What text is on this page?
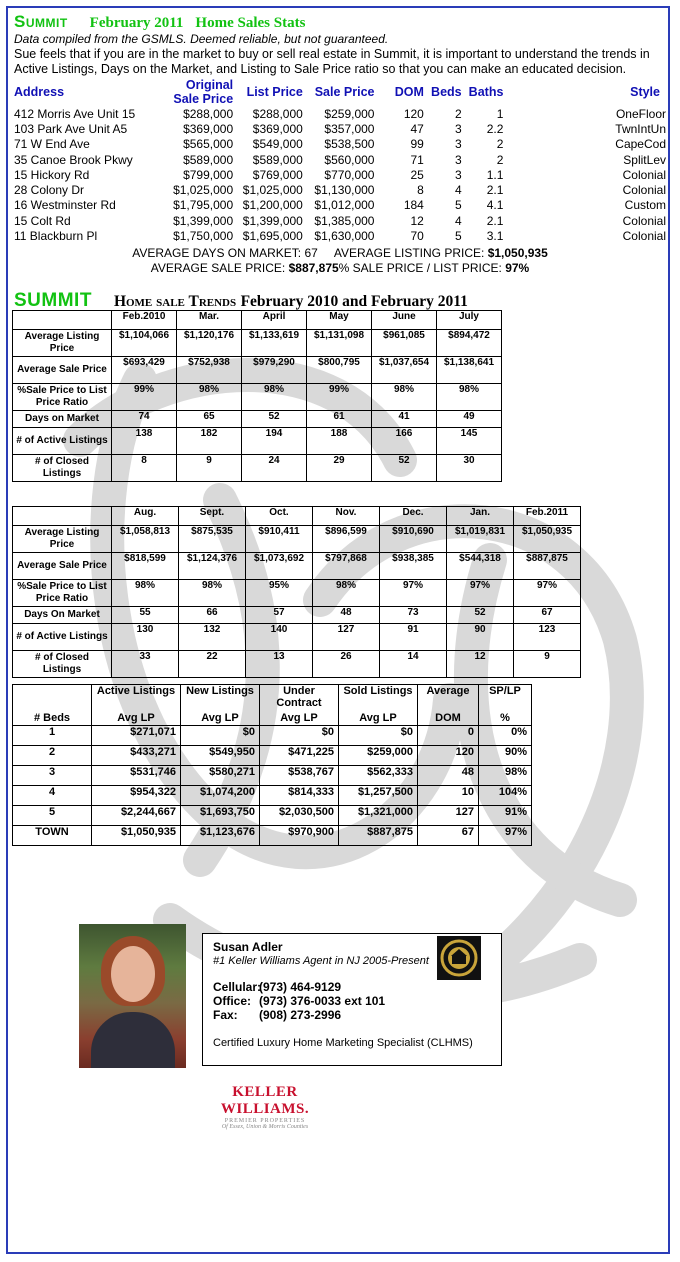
Summit February 2011 Home Sales Stats
Data compiled from the GSMLS. Deemed reliable, but not guaranteed.
Sue feels that if you are in the market to buy or sell real estate in Summit, it is important to understand the trends in Active Listings, Days on the Market, and Listing to Sale Price ratio so that you can make an educated decision.
Address	Original Sale Price	List Price	Sale Price	DOM	Beds	Baths	Style
412 Morris Ave Unit 15	$288,000	$288,000	$259,000	120	2	1	OneFloor
103 Park Ave Unit A5	$369,000	$369,000	$357,000	47	3	2.2	TwnIntUn
71 W End Ave	$565,000	$549,000	$538,500	99	3	2	CapeCod
35 Canoe Brook Pkwy	$589,000	$589,000	$560,000	71	3	2	SplitLev
15 Hickory Rd	$799,000	$769,000	$770,000	25	3	1.1	Colonial
28 Colony Dr	$1,025,000	$1,025,000	$1,130,000	8	4	2.1	Colonial
16 Westminster Rd	$1,795,000	$1,200,000	$1,012,000	184	5	4.1	Custom
15 Colt Rd	$1,399,000	$1,399,000	$1,385,000	12	4	2.1	Colonial
11 Blackburn Pl	$1,750,000	$1,695,000	$1,630,000	70	5	3.1	Colonial
AVERAGE DAYS ON MARKET: 67 AVERAGE LISTING PRICE: $1,050,935
AVERAGE SALE PRICE: $887,875% SALE PRICE / LIST PRICE: 97%
SUMMIT Home sale Trends February 2010 and February 2011
	Feb.2010	Mar.	April	May	June	July
Average Listing Price	$1,104,066	$1,120,176	$1,133,619	$1,131,098	$961,085	$894,472
Average Sale Price	$693,429	$752,938	$979,290	$800,795	$1,037,654	$1,138,641
%Sale Price to List Price Ratio	99%	98%	98%	99%	98%	98%
Days on Market	74	65	52	61	41	49
# of Active Listings	138	182	194	188	166	145
# of Closed Listings	8	9	24	29	52	30
	Aug.	Sept.	Oct.	Nov.	Dec.	Jan.	Feb.2011
Average Listing Price	$1,058,813	$875,535	$910,411	$896,599	$910,690	$1,019,831	$1,050,935
Average Sale Price	$818,599	$1,124,376	$1,073,692	$797,868	$938,385	$544,318	$887,875
%Sale Price to List Price Ratio	98%	98%	95%	98%	97%	97%	97%
Days On Market	55	66	57	48	73	52	67
# of Active Listings	130	132	140	127	91	90	123
# of Closed Listings	33	22	13	26	14	12	9
	Active Listings	New Listings	Under Contract	Sold Listings	Average	SP/LP
# Beds	Avg LP	Avg LP	Avg LP	Avg LP	DOM	%
1	$271,071	$0	$0	$0	0	0%
2	$433,271	$549,950	$471,225	$259,000	120	90%
3	$531,746	$580,271	$538,767	$562,333	48	98%
4	$954,322	$1,074,200	$814,333	$1,257,500	10	104%
5	$2,244,667	$1,693,750	$2,030,500	$1,321,000	127	91%
TOWN	$1,050,935	$1,123,676	$970,900	$887,875	67	97%
Susan Adler
#1 Keller Williams Agent in NJ 2005-Present
Cellular:(973) 464-9129
Office: (973) 376-0033 ext 101
Fax: (908) 273-2996
Certified Luxury Home Marketing Specialist (CLHMS)
KELLER WILLIAMS.
PREMIER PROPERTIES
Of Essex, Union & Morris Counties
